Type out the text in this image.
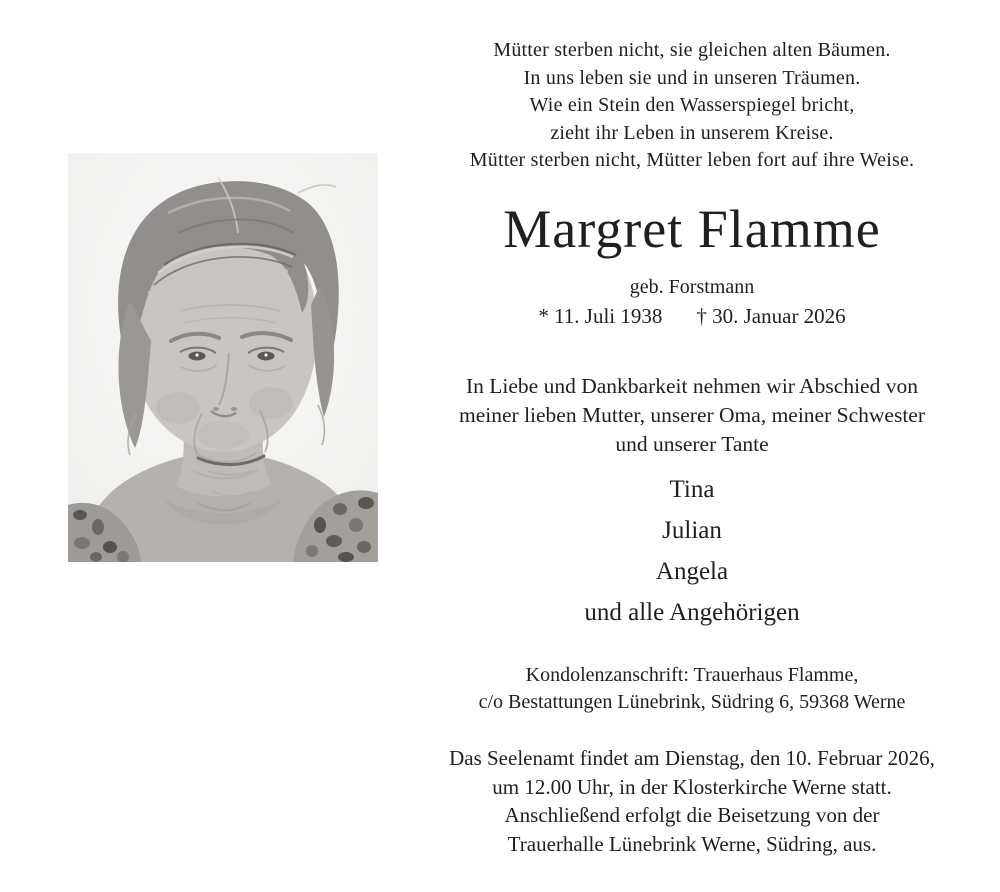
Mütter sterben nicht, sie gleichen alten Bäumen.
In uns leben sie und in unseren Träumen.
Wie ein Stein den Wasserspiegel bricht,
zieht ihr Leben in unserem Kreise.
Mütter sterben nicht, Mütter leben fort auf ihre Weise.
Margret Flamme
geb. Forstmann
* 11. Juli 1938 † 30. Januar 2026
In Liebe und Dankbarkeit nehmen wir Abschied von
meiner lieben Mutter, unserer Oma, meiner Schwester
und unserer Tante
Tina
Julian
Angela
und alle Angehörigen
Kondolenzanschrift: Trauerhaus Flamme,
c/o Bestattungen Lünebrink, Südring 6, 59368 Werne
Das Seelenamt findet am Dienstag, den 10. Februar 2026,
um 12.00 Uhr, in der Klosterkirche Werne statt.
Anschließend erfolgt die Beisetzung von der
Trauerhalle Lünebrink Werne, Südring, aus.
